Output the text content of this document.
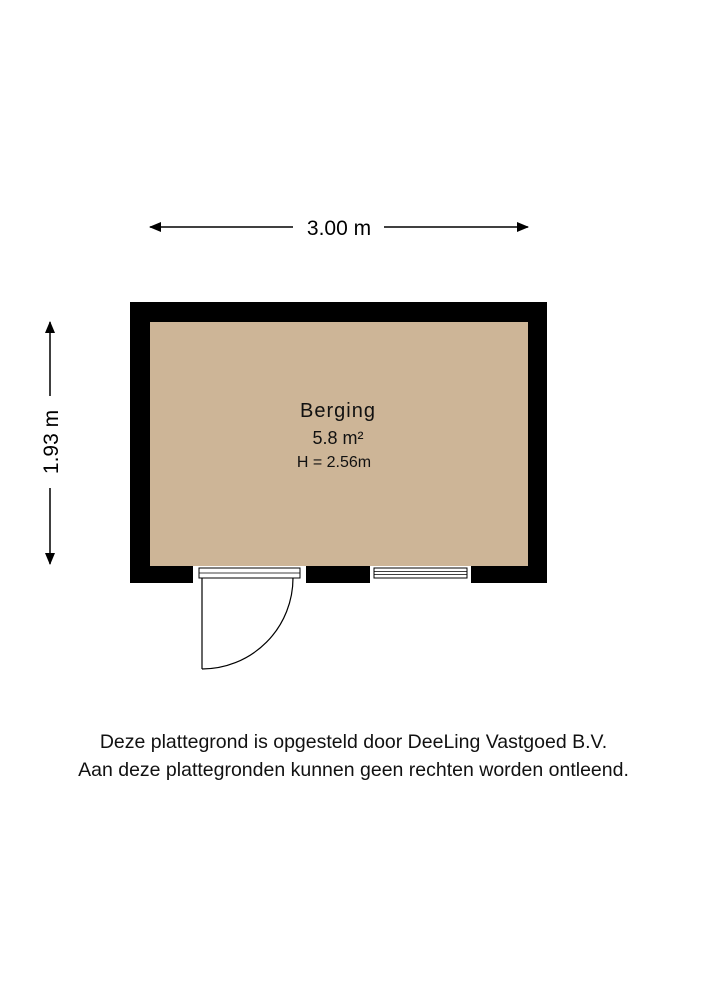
3.00 m
1.93 m	Berging
5.8 m²
H = 2.56m
Deze plattegrond is opgesteld door DeeLing Vastgoed B.V.
Aan deze plattegronden kunnen geen rechten worden ontleend.
